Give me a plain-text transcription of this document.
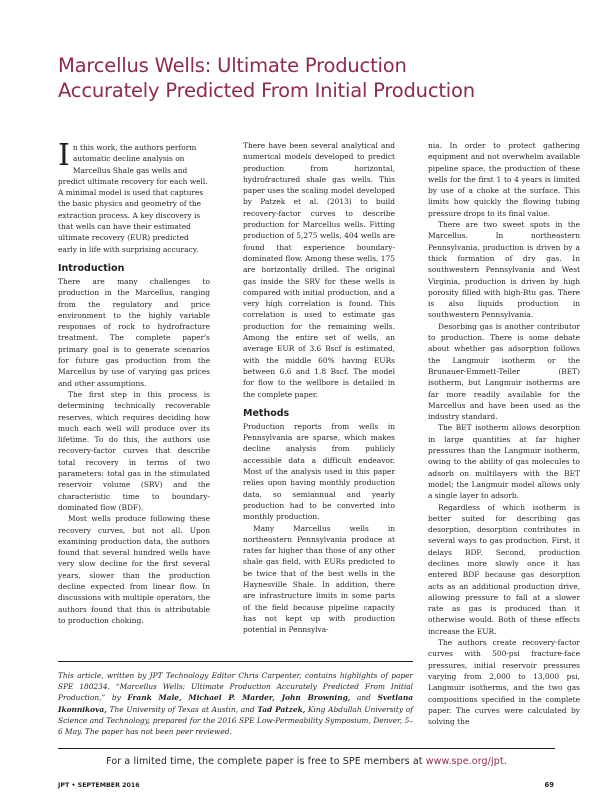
Marcellus Wells: Ultimate Production
Accurately Predicted From Initial Production

In this work, the authors perform automatic decline analysis on Marcellus Shale gas wells and predict ultimate recovery for each well. A minimal model is used that captures the basic physics and geometry of the extraction process. A key discovery is that wells can have their estimated ultimate recovery (EUR) predicted early in life with surprising accuracy.

Introduction

There are many challenges to production in the Marcellus, ranging from the regulatory and price environment to the highly variable responses of rock to hydrofracture treatment. The complete paper's primary goal is to generate scenarios for future gas production from the Marcellus by use of varying gas prices and other assumptions.

The first step in this process is determining technically recoverable reserves, which requires deciding how much each well will produce over its lifetime. To do this, the authors use recovery-factor curves that describe total recovery in terms of two parameters: total gas in the stimulated reservoir volume (SRV) and the characteristic time to boundary-dominated flow (BDF).

Most wells produce following these recovery curves, but not all. Upon examining production data, the authors found that several hundred wells have very slow decline for the first several years, slower than the production decline expected from linear flow. In discussions with multiple operators, the authors found that this is attributable to production choking.

There have been several analytical and numerical models developed to predict production from horizontal, hydrofractured shale gas wells. This paper uses the scaling model developed by Patzek et al. (2013) to build recovery-factor curves to describe production for Marcellus wells. Fitting production of 5,275 wells, 404 wells are found that experience boundary-dominated flow. Among these wells, 175 are horizontally drilled. The original gas inside the SRV for these wells is compared with initial production, and a very high correlation is found. This correlation is used to estimate gas production for the remaining wells. Among the entire set of wells, an average EUR of 3.6 Bscf is estimated, with the middle 60% having EURs between 6.6 and 1.8 Bscf. The model for flow to the wellbore is detailed in the complete paper.

Methods

Production reports from wells in Pennsylvania are sparse, which makes decline analysis from publicly accessible data a difficult endeavor. Most of the analysis used in this paper relies upon having monthly production data, so semiannual and yearly production had to be converted into monthly production.

Many Marcellus wells in northeastern Pennsylvania produce at rates far higher than those of any other shale gas field, with EURs predicted to be twice that of the best wells in the Haynesville Shale. In addition, there are infrastructure limits in some parts of the field because pipeline capacity has not kept up with production potential in Pennsylva-

nia. In order to protect gathering equipment and not overwhelm available pipeline space, the production of these wells for the first 1 to 4 years is limited by use of a choke at the surface. This limits how quickly the flowing tubing pressure drops to its final value.

There are two sweet spots in the Marcellus. In northeastern Pennsylvania, production is driven by a thick formation of dry gas. In southwestern Pennsylvania and West Virginia, production is driven by high porosity filled with high-Btu gas. There is also liquids production in southwestern Pennsylvania.

Desorbing gas is another contributor to production. There is some debate about whether gas adsorption follows the Langmuir isotherm or the Brunauer-Emmett-Teller (BET) isotherm, but Langmuir isotherms are far more readily available for the Marcellus and have been used as the industry standard.

The BET isotherm allows desorption in large quantities at far higher pressures than the Langmuir isotherm, owing to the ability of gas molecules to adsorb on multilayers with the BET model; the Langmuir model allows only a single layer to adsorb.

Regardless of which isotherm is better suited for describing gas desorption, desorption contributes in several ways to gas production. First, it delays BDF. Second, production declines more slowly once it has entered BDF because gas desorption acts as an additional production drive, allowing pressure to fall at a slower rate as gas is produced than it otherwise would. Both of these effects increase the EUR.

The authors create recovery-factor curves with 500-psi fracture-face pressures, initial reservoir pressures varying from 2,000 to 13,000 psi, Langmuir isotherms, and the two gas compositions specified in the complete paper. The curves were calculated by solving the

This article, written by JPT Technology Editor Chris Carpenter, contains highlights of paper SPE 180234, “Marcellus Wells: Ultimate Production Accurately Predicted From Initial Production,” by Frank Male, Michael P. Marder, John Browning, and Svetlana Ikonnikova, The University of Texas at Austin, and Tad Patzek, King Abdullah University of Science and Technology, prepared for the 2016 SPE Low-Permeability Symposium, Denver, 5–6 May. The paper has not been peer reviewed.

For a limited time, the complete paper is free to SPE members at www.spe.org/jpt.
JPT • SEPTEMBER 2016	69
